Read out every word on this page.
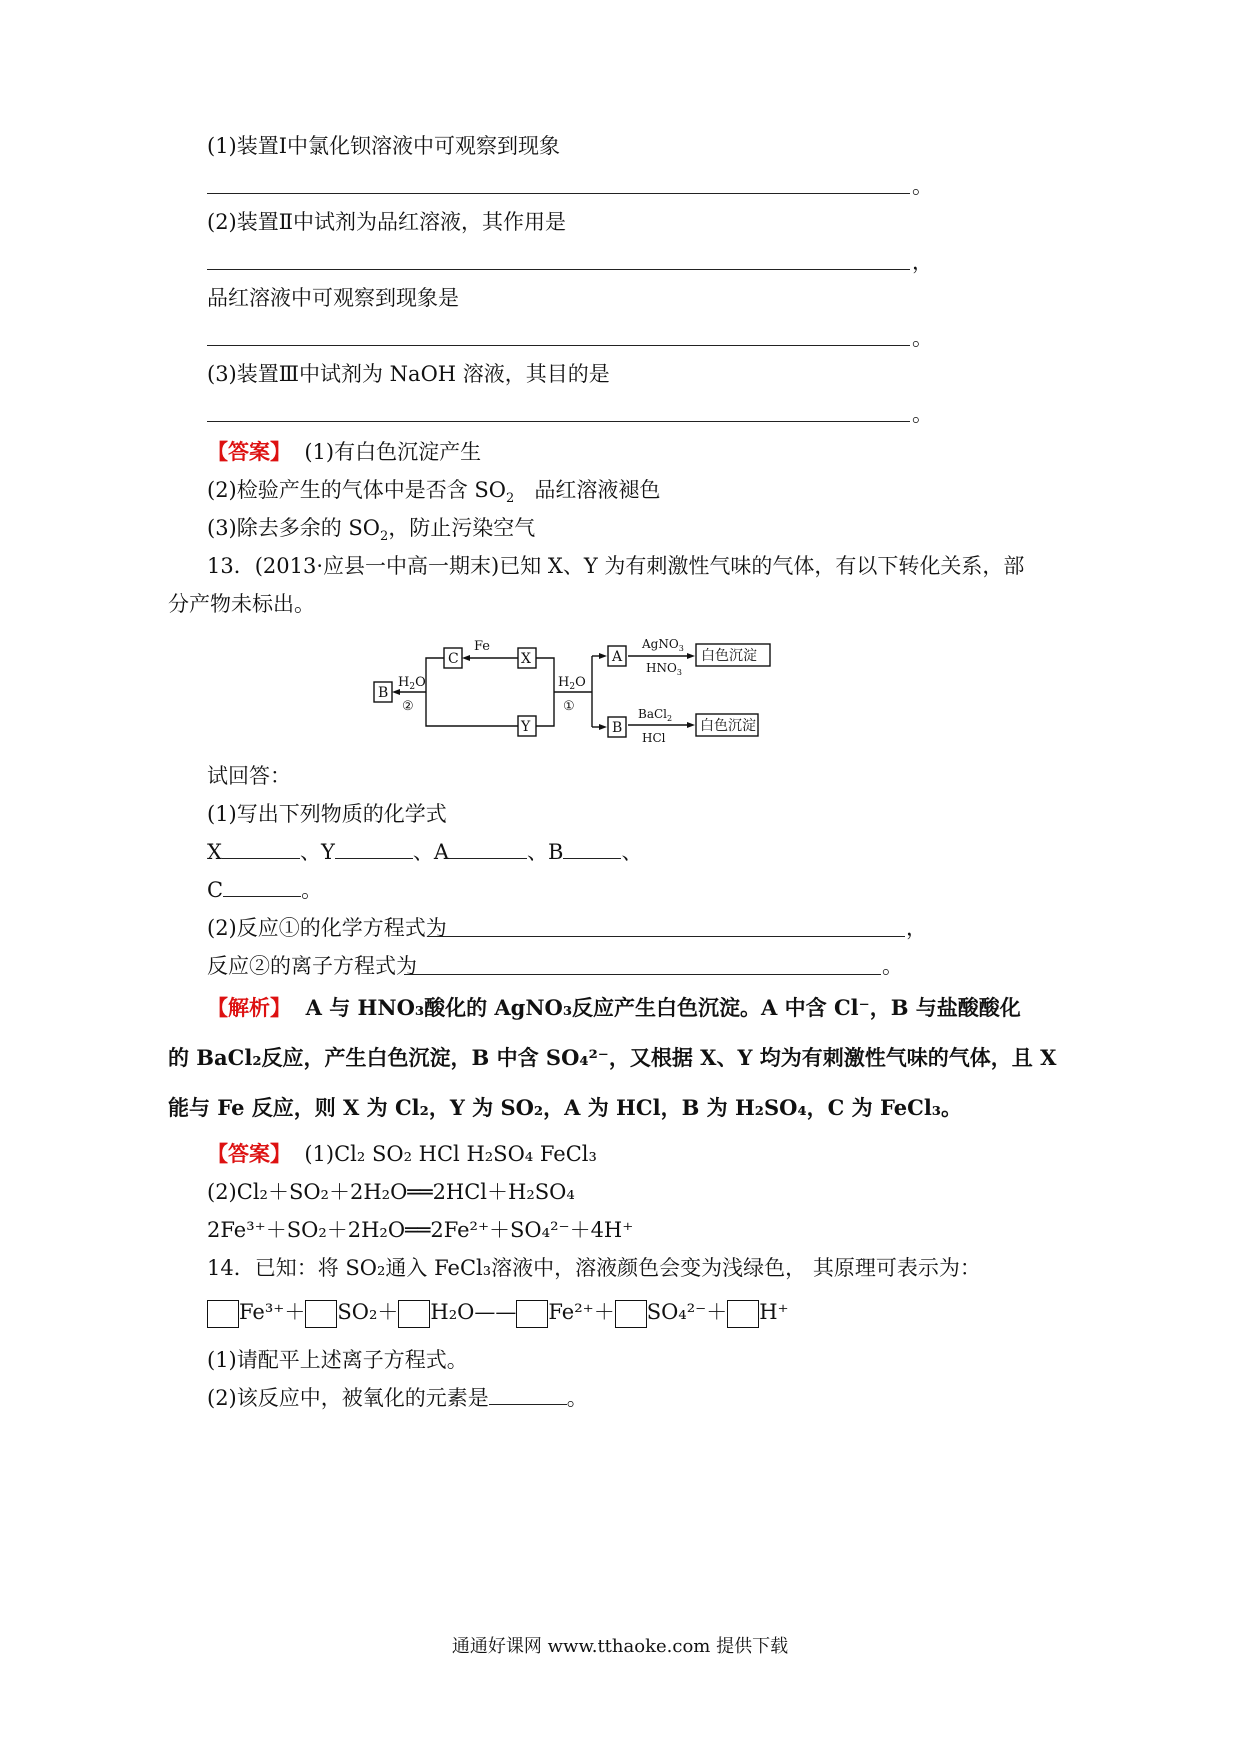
(1)装置Ⅰ中氯化钡溶液中可观察到现象
。
(2)装置Ⅱ中试剂为品红溶液，其作用是
，
品红溶液中可观察到现象是
。
(3)装置Ⅲ中试剂为 NaOH 溶液，其目的是
。
【答案】 (1)有白色沉淀产生
(2)检验产生的气体中是否含 $SO_2$ 品红溶液褪色
(3)除去多余的 $SO_2$，防止污染空气
13．(2013·应县一中高一期末)已知 X、Y 为有刺激性气味的气体，有以下转化关系，部
分产物未标出。
C	X
B
Y
A
B
Fe
$H_2O$
②
$H_2O$
①
AgNO$_3$
$HNO_3$
BaCl$_2$
HCl
白色沉淀
白色沉淀
试回答：
(1)写出下列物质的化学式
X	、Y	、A	、B	、
C	。
(2)反应①的化学方程式为	，
反应②的离子方程式为	。
【解析】 A 与 HNO₃酸化的 AgNO₃反应产生白色沉淀。A 中含 Cl⁻，B 与盐酸酸化
的 BaCl₂反应，产生白色沉淀，B 中含 SO₄²⁻，又根据 X、Y 均为有刺激性气味的气体，且 X
能与 Fe 反应，则 X 为 Cl₂，Y 为 SO₂，A 为 HCl，B 为 H₂SO₄，C 为 FeCl₃。
【答案】 (1)Cl₂ SO₂ HCl H₂SO₄ FeCl₃
(2)Cl₂＋SO₂＋2H₂O══2HCl＋H₂SO₄
2Fe³⁺＋SO₂＋2H₂O══2Fe²⁺＋SO₄²⁻＋4H⁺
14．已知：将 SO₂通入 FeCl₃溶液中，溶液颜色会变为浅绿色， 其原理可表示为：
Fe³⁺＋ SO₂＋ H₂O—— Fe²⁺＋ SO₄²⁻＋ H⁺
(1)请配平上述离子方程式。
(2)该反应中，被氧化的元素是	。
通通好课网 www.tthaoke.com 提供下载
